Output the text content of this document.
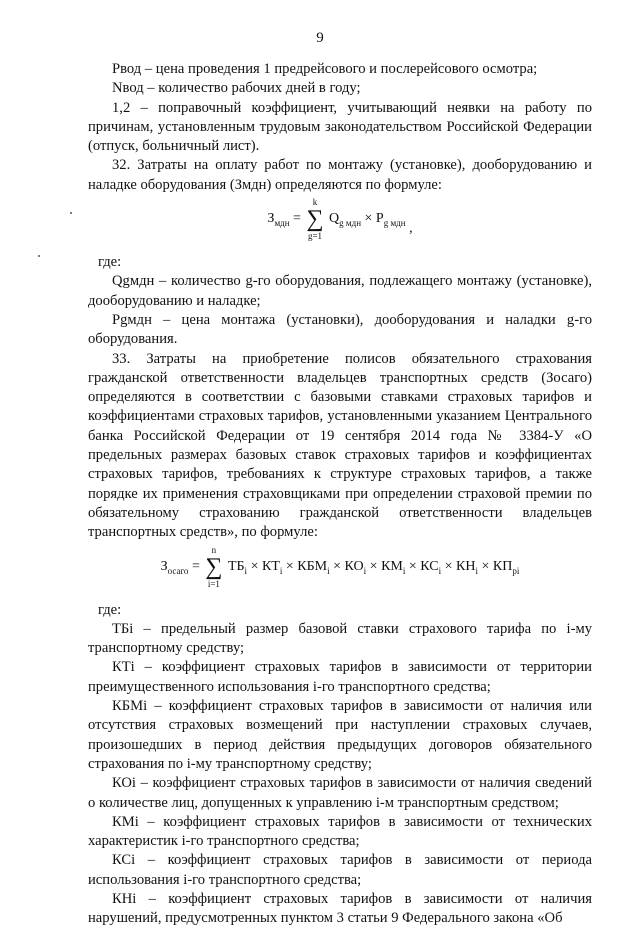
9

Pвод – цена проведения 1 предрейсового и послерейсового осмотра;

Nвод – количество рабочих дней в году;

1,2 – поправочный коэффициент, учитывающий неявки на работу по причинам, установленным трудовым законодательством Российской Федерации (отпуск, больничный лист).

32. Затраты на оплату работ по монтажу (установке), дооборудованию и наладке оборудования (Змдн) определяются по формуле:

$З_{мдн}$ =
k
∑
g=1
$Q_{g мдн} \times P_{g мдн}$ ,

где:

Qgмдн – количество g-го оборудования, подлежащего монтажу (установке), дооборудованию и наладке;

Pgмдн – цена монтажа (установки), дооборудования и наладки g-го оборудования.

33. Затраты на приобретение полисов обязательного страхования гражданской ответственности владельцев транспортных средств (Зосаго) определяются в соответствии с базовыми ставками страховых тарифов и коэффициентами страховых тарифов, установленными указанием Центрального банка Российской Федерации от 19 сентября 2014 года № 3384-У «О предельных размерах базовых ставок страховых тарифов и коэффициентах страховых тарифов, требованиях к структуре страховых тарифов, а также порядке их применения страховщиками при определении страховой премии по обязательному страхованию гражданской ответственности владельцев транспортных средств», по формуле:

$З_{осаго}$ =
n
∑
i=1
$ТБ_i \times КТ_i \times КБМ_i \times КО_i \times КМ_i \times КС_i \times КН_i \times КП_{pi}$

где:

ТБi – предельный размер базовой ставки страхового тарифа по i-му транспортному средству;

КТi – коэффициент страховых тарифов в зависимости от территории преимущественного использования i-го транспортного средства;

КБМi – коэффициент страховых тарифов в зависимости от наличия или отсутствия страховых возмещений при наступлении страховых случаев, произошедших в период действия предыдущих договоров обязательного страхования по i-му транспортному средству;

КОi – коэффициент страховых тарифов в зависимости от наличия сведений о количестве лиц, допущенных к управлению i-м транспортным средством;

КМi – коэффициент страховых тарифов в зависимости от технических характеристик i-го транспортного средства;

КСi – коэффициент страховых тарифов в зависимости от периода использования i-го транспортного средства;

КНi – коэффициент страховых тарифов в зависимости от наличия нарушений, предусмотренных пунктом 3 статьи 9 Федерального закона «Об
